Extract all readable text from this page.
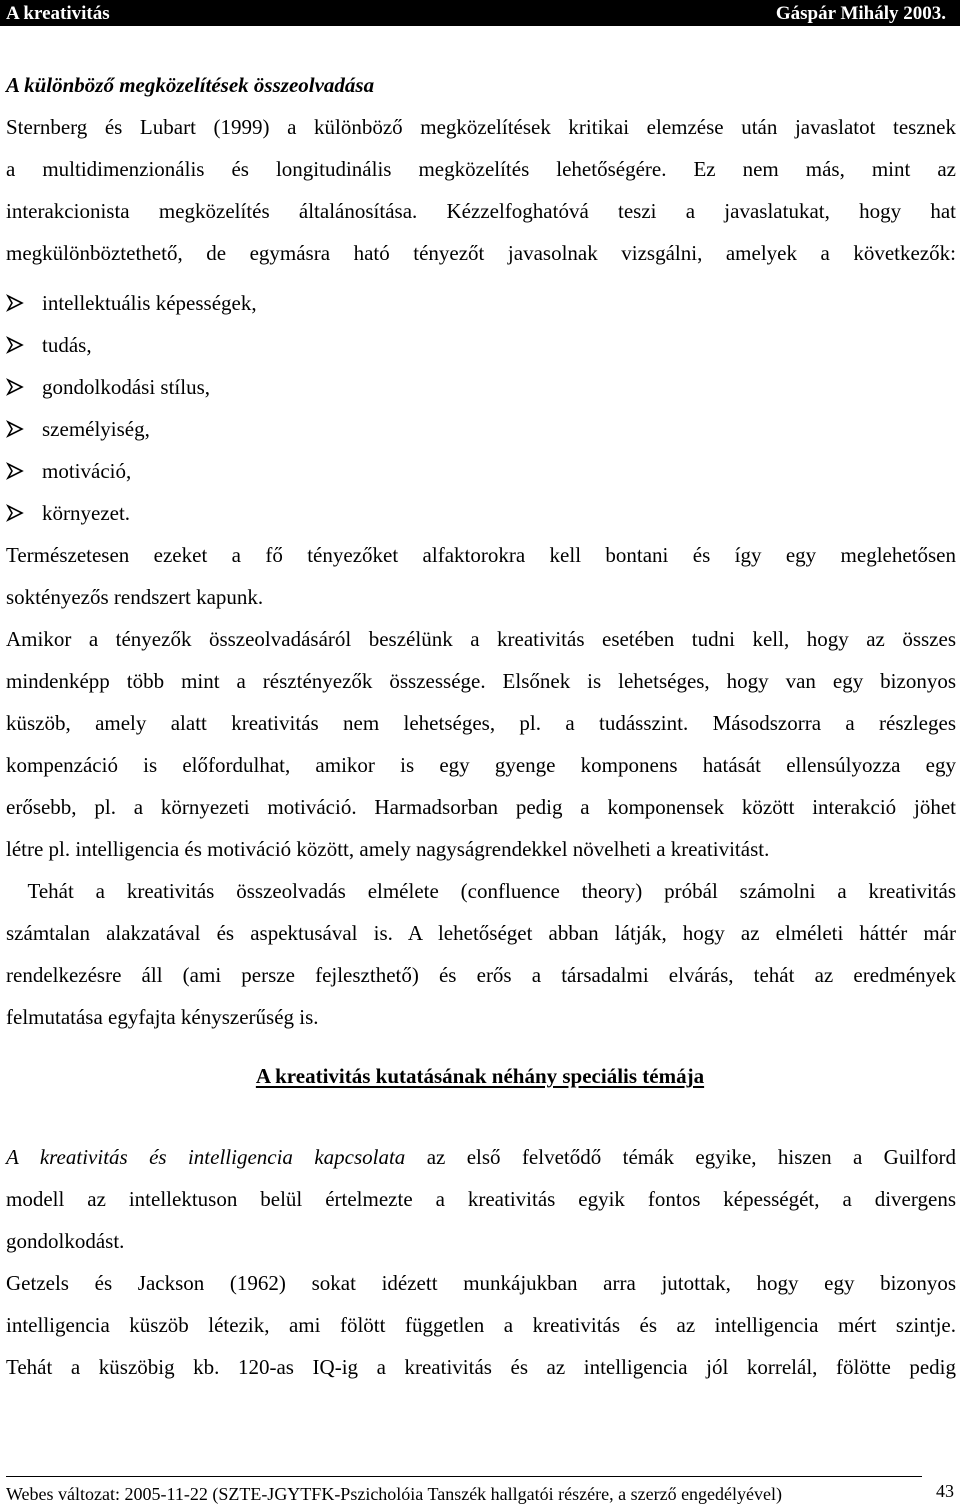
A kreativitás	Gáspár Mihály 2003.
A különböző megközelítések összeolvadása
Sternberg és Lubart (1999) a különböző megközelítések kritikai elemzése után javaslatot tesznek
a multidimenzionális és longitudinális megközelítés lehetőségére. Ez nem más, mint az
interakcionista megközelítés általánosítása. Kézzelfoghatóvá teszi a javaslatukat, hogy hat
megkülönböztethető, de egymásra ható tényezőt javasolnak vizsgálni, amelyek a következők:
intellektuális képességek,
tudás,
gondolkodási stílus,
személyiség,
motiváció,
környezet.
Természetesen ezeket a fő tényezőket alfaktorokra kell bontani és így egy meglehetősen
soktényezős rendszert kapunk.
Amikor a tényezők összeolvadásáról beszélünk a kreativitás esetében tudni kell, hogy az összes
mindenképp több mint a résztényezők összessége. Elsőnek is lehetséges, hogy van egy bizonyos
küszöb, amely alatt kreativitás nem lehetséges, pl. a tudásszint. Másodszorra a részleges
kompenzáció is előfordulhat, amikor is egy gyenge komponens hatását ellensúlyozza egy
erősebb, pl. a környezeti motiváció. Harmadsorban pedig a komponensek között interakció jöhet
létre pl. intelligencia és motiváció között, amely nagyságrendekkel növelheti a kreativitást.
Tehát a kreativitás összeolvadás elmélete (confluence theory) próbál számolni a kreativitás
számtalan alakzatával és aspektusával is. A lehetőséget abban látják, hogy az elméleti háttér már
rendelkezésre áll (ami persze fejleszthető) és erős a társadalmi elvárás, tehát az eredmények
felmutatása egyfajta kényszerűség is.
A kreativitás kutatásának néhány speciális témája
A kreativitás és intelligencia kapcsolata az első felvetődő témák egyike, hiszen a Guilford
modell az intellektuson belül értelmezte a kreativitás egyik fontos képességét, a divergens
gondolkodást.
Getzels és Jackson (1962) sokat idézett munkájukban arra jutottak, hogy egy bizonyos
intelligencia küszöb létezik, ami fölött független a kreativitás és az intelligencia mért szintje.
Tehát a küszöbig kb. 120-as IQ-ig a kreativitás és az intelligencia jól korrelál, fölötte pedig
Webes változat: 2005-11-22 (SZTE-JGYTFK-Pszicholóia Tanszék hallgatói részére, a szerző engedélyével)	43
